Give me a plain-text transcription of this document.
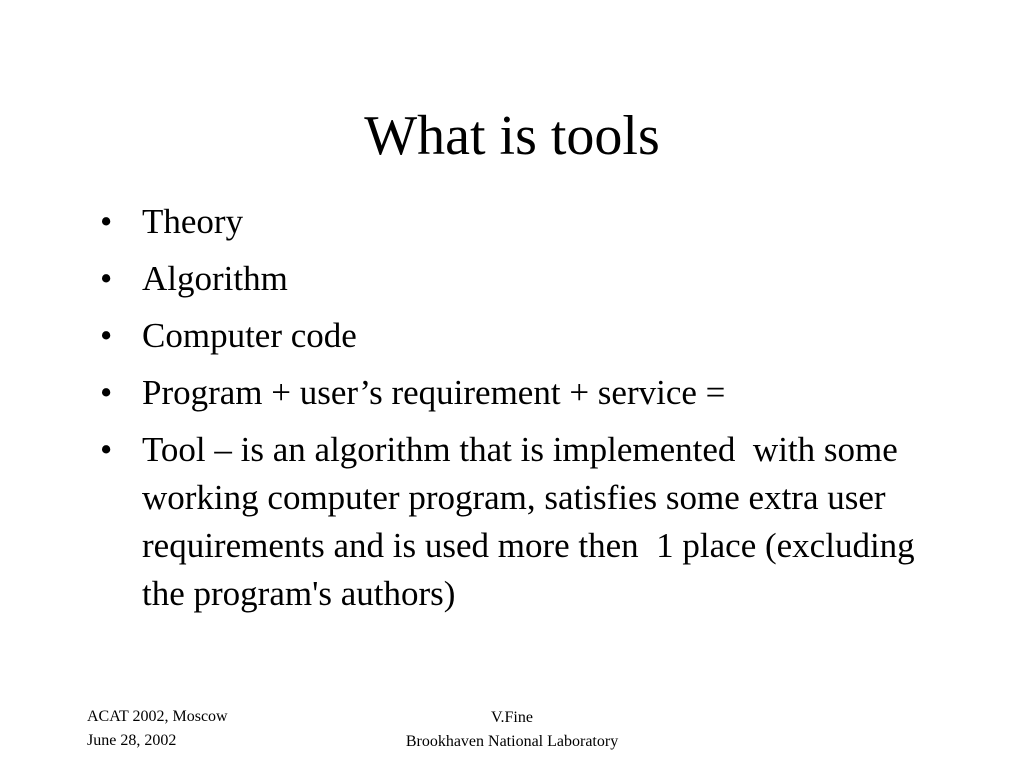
What is tools
• Theory
• Algorithm
• Computer code
• Program + user’s requirement + service =
• Tool – is an algorithm that is implemented  with some working computer program, satisfies some extra user requirements and is used more then  1 place (excluding the program's authors)
ACAT 2002, Moscow
June 28, 2002
V.Fine
Brookhaven National Laboratory
